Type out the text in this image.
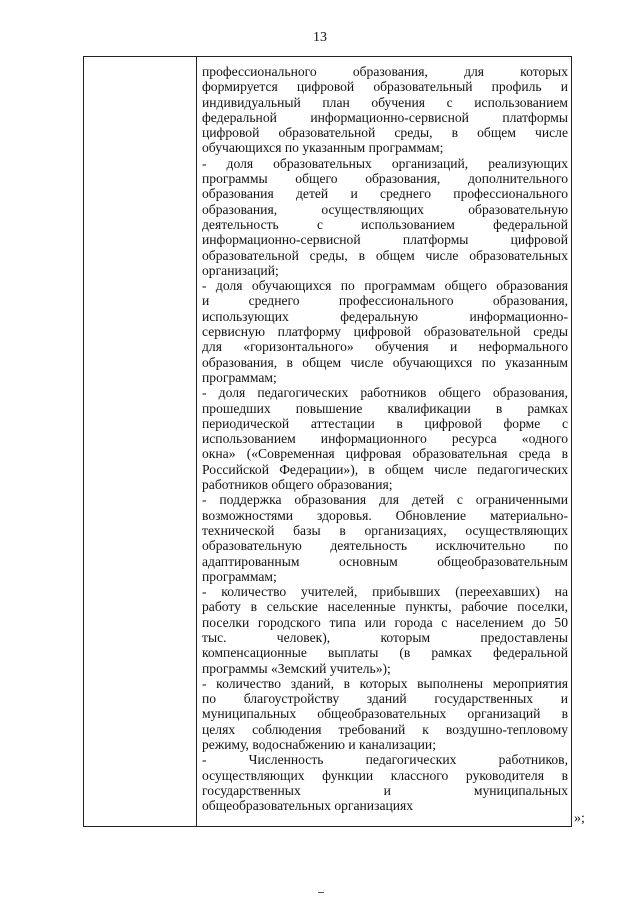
13
профессионального образования, для которых
формируется цифровой образовательный профиль и
индивидуальный план обучения с использованием
федеральной информационно-сервисной платформы
цифровой образовательной среды, в общем числе
обучающихся по указанным программам;
- доля образовательных организаций, реализующих
программы общего образования, дополнительного
образования детей и среднего профессионального
образования, осуществляющих образовательную
деятельность с использованием федеральной
информационно-сервисной платформы цифровой
образовательной среды, в общем числе образовательных
организаций;
- доля обучающихся по программам общего образования
и среднего профессионального образования,
использующих федеральную информационно-
сервисную платформу цифровой образовательной среды
для «горизонтального» обучения и неформального
образования, в общем числе обучающихся по указанным
программам;
- доля педагогических работников общего образования,
прошедших повышение квалификации в рамках
периодической аттестации в цифровой форме с
использованием информационного ресурса «одного
окна» («Современная цифровая образовательная среда в
Российской Федерации»), в общем числе педагогических
работников общего образования;
- поддержка образования для детей с ограниченными
возможностями здоровья. Обновление материально-
технической базы в организациях, осуществляющих
образовательную деятельность исключительно по
адаптированным основным общеобразовательным
программам;
- количество учителей, прибывших (переехавших) на
работу в сельские населенные пункты, рабочие поселки,
поселки городского типа или города с населением до 50
тыс. человек), которым предоставлены
компенсационные выплаты (в рамках федеральной
программы «Земский учитель»);
- количество зданий, в которых выполнены мероприятия
по благоустройству зданий государственных и
муниципальных общеобразовательных организаций в
целях соблюдения требований к воздушно-тепловому
режиму, водоснабжению и канализации;
- Численность педагогических работников,
осуществляющих функции классного руководителя в
государственных и муниципальных
общеобразовательных организациях
»;
